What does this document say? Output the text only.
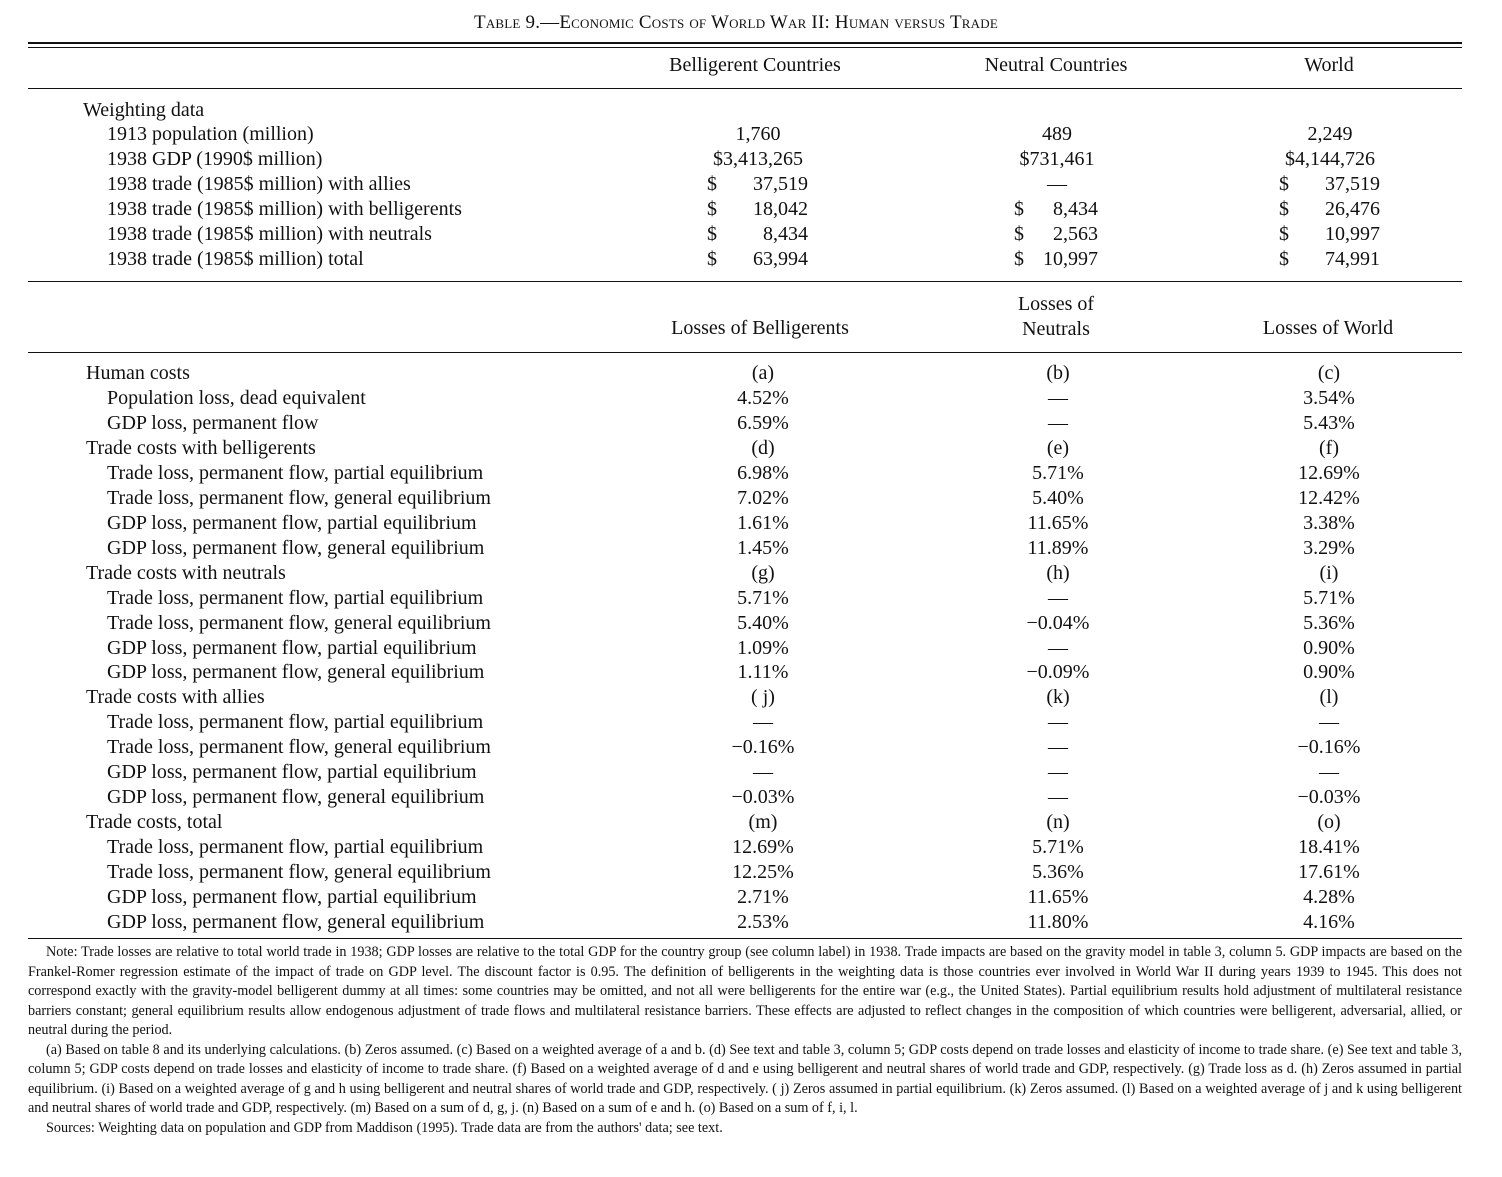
Table 9.—Economic Costs of World War II: Human versus Trade
Belligerent Countries	Neutral Countries	World
Weighting data
1913 population (million)	1,760	489	2,249
1938 GDP (1990$ million)	$3,413,265	$731,461	$4,144,726
1938 trade (1985$ million) with allies	$	37,519	—	$	37,519
1938 trade (1985$ million) with belligerents	$	18,042	$	8,434	$	26,476
1938 trade (1985$ million) with neutrals	$	8,434	$	2,563	$	10,997
1938 trade (1985$ million) total	$	63,994	$ 10,997	$	74,991
Losses of
Neutrals
Losses of Belligerents	Losses of World
Human costs	(a)	(b)	(c)
Population loss, dead equivalent	4.52%	—	3.54%
GDP loss, permanent flow	6.59%	—	5.43%
Trade costs with belligerents	(d)	(e)	(f)
Trade loss, permanent flow, partial equilibrium	6.98%	5.71%	12.69%
Trade loss, permanent flow, general equilibrium	7.02%	5.40%	12.42%
GDP loss, permanent flow, partial equilibrium	1.61%	11.65%	3.38%
GDP loss, permanent flow, general equilibrium	1.45%	11.89%	3.29%
Trade costs with neutrals	(g)	(h)	(i)
Trade loss, permanent flow, partial equilibrium	5.71%	—	5.71%
Trade loss, permanent flow, general equilibrium	5.40%	−0.04%	5.36%
GDP loss, permanent flow, partial equilibrium	1.09%	—	0.90%
GDP loss, permanent flow, general equilibrium	1.11%	−0.09%	0.90%
Trade costs with allies	( j)	(k)	(l)
Trade loss, permanent flow, partial equilibrium	—	—	—
Trade loss, permanent flow, general equilibrium	−0.16%	—	−0.16%
GDP loss, permanent flow, partial equilibrium	—	—	—
GDP loss, permanent flow, general equilibrium	−0.03%	—	−0.03%
Trade costs, total	(m)	(n)	(o)
Trade loss, permanent flow, partial equilibrium	12.69%	5.71%	18.41%
Trade loss, permanent flow, general equilibrium	12.25%	5.36%	17.61%
GDP loss, permanent flow, partial equilibrium	2.71%	11.65%	4.28%
GDP loss, permanent flow, general equilibrium	2.53%	11.80%	4.16%

Note: Trade losses are relative to total world trade in 1938; GDP losses are relative to the total GDP for the country group (see column label) in 1938. Trade impacts are based on the gravity model in table 3, column 5. GDP impacts are based on the Frankel-Romer regression estimate of the impact of trade on GDP level. The discount factor is 0.95. The definition of belligerents in the weighting data is those countries ever involved in World War II during years 1939 to 1945. This does not correspond exactly with the gravity-model belligerent dummy at all times: some countries may be omitted, and not all were belligerents for the entire war (e.g., the United States). Partial equilibrium results hold adjustment of multilateral resistance barriers constant; general equilibrium results allow endogenous adjustment of trade flows and multilateral resistance barriers. These effects are adjusted to reflect changes in the composition of which countries were belligerent, adversarial, allied, or neutral during the period.

(a) Based on table 8 and its underlying calculations. (b) Zeros assumed. (c) Based on a weighted average of a and b. (d) See text and table 3, column 5; GDP costs depend on trade losses and elasticity of income to trade share. (e) See text and table 3, column 5; GDP costs depend on trade losses and elasticity of income to trade share. (f) Based on a weighted average of d and e using belligerent and neutral shares of world trade and GDP, respectively. (g) Trade loss as d. (h) Zeros assumed in partial equilibrium. (i) Based on a weighted average of g and h using belligerent and neutral shares of world trade and GDP, respectively. ( j) Zeros assumed in partial equilibrium. (k) Zeros assumed. (l) Based on a weighted average of j and k using belligerent and neutral shares of world trade and GDP, respectively. (m) Based on a sum of d, g, j. (n) Based on a sum of e and h. (o) Based on a sum of f, i, l.

Sources: Weighting data on population and GDP from Maddison (1995). Trade data are from the authors' data; see text.
